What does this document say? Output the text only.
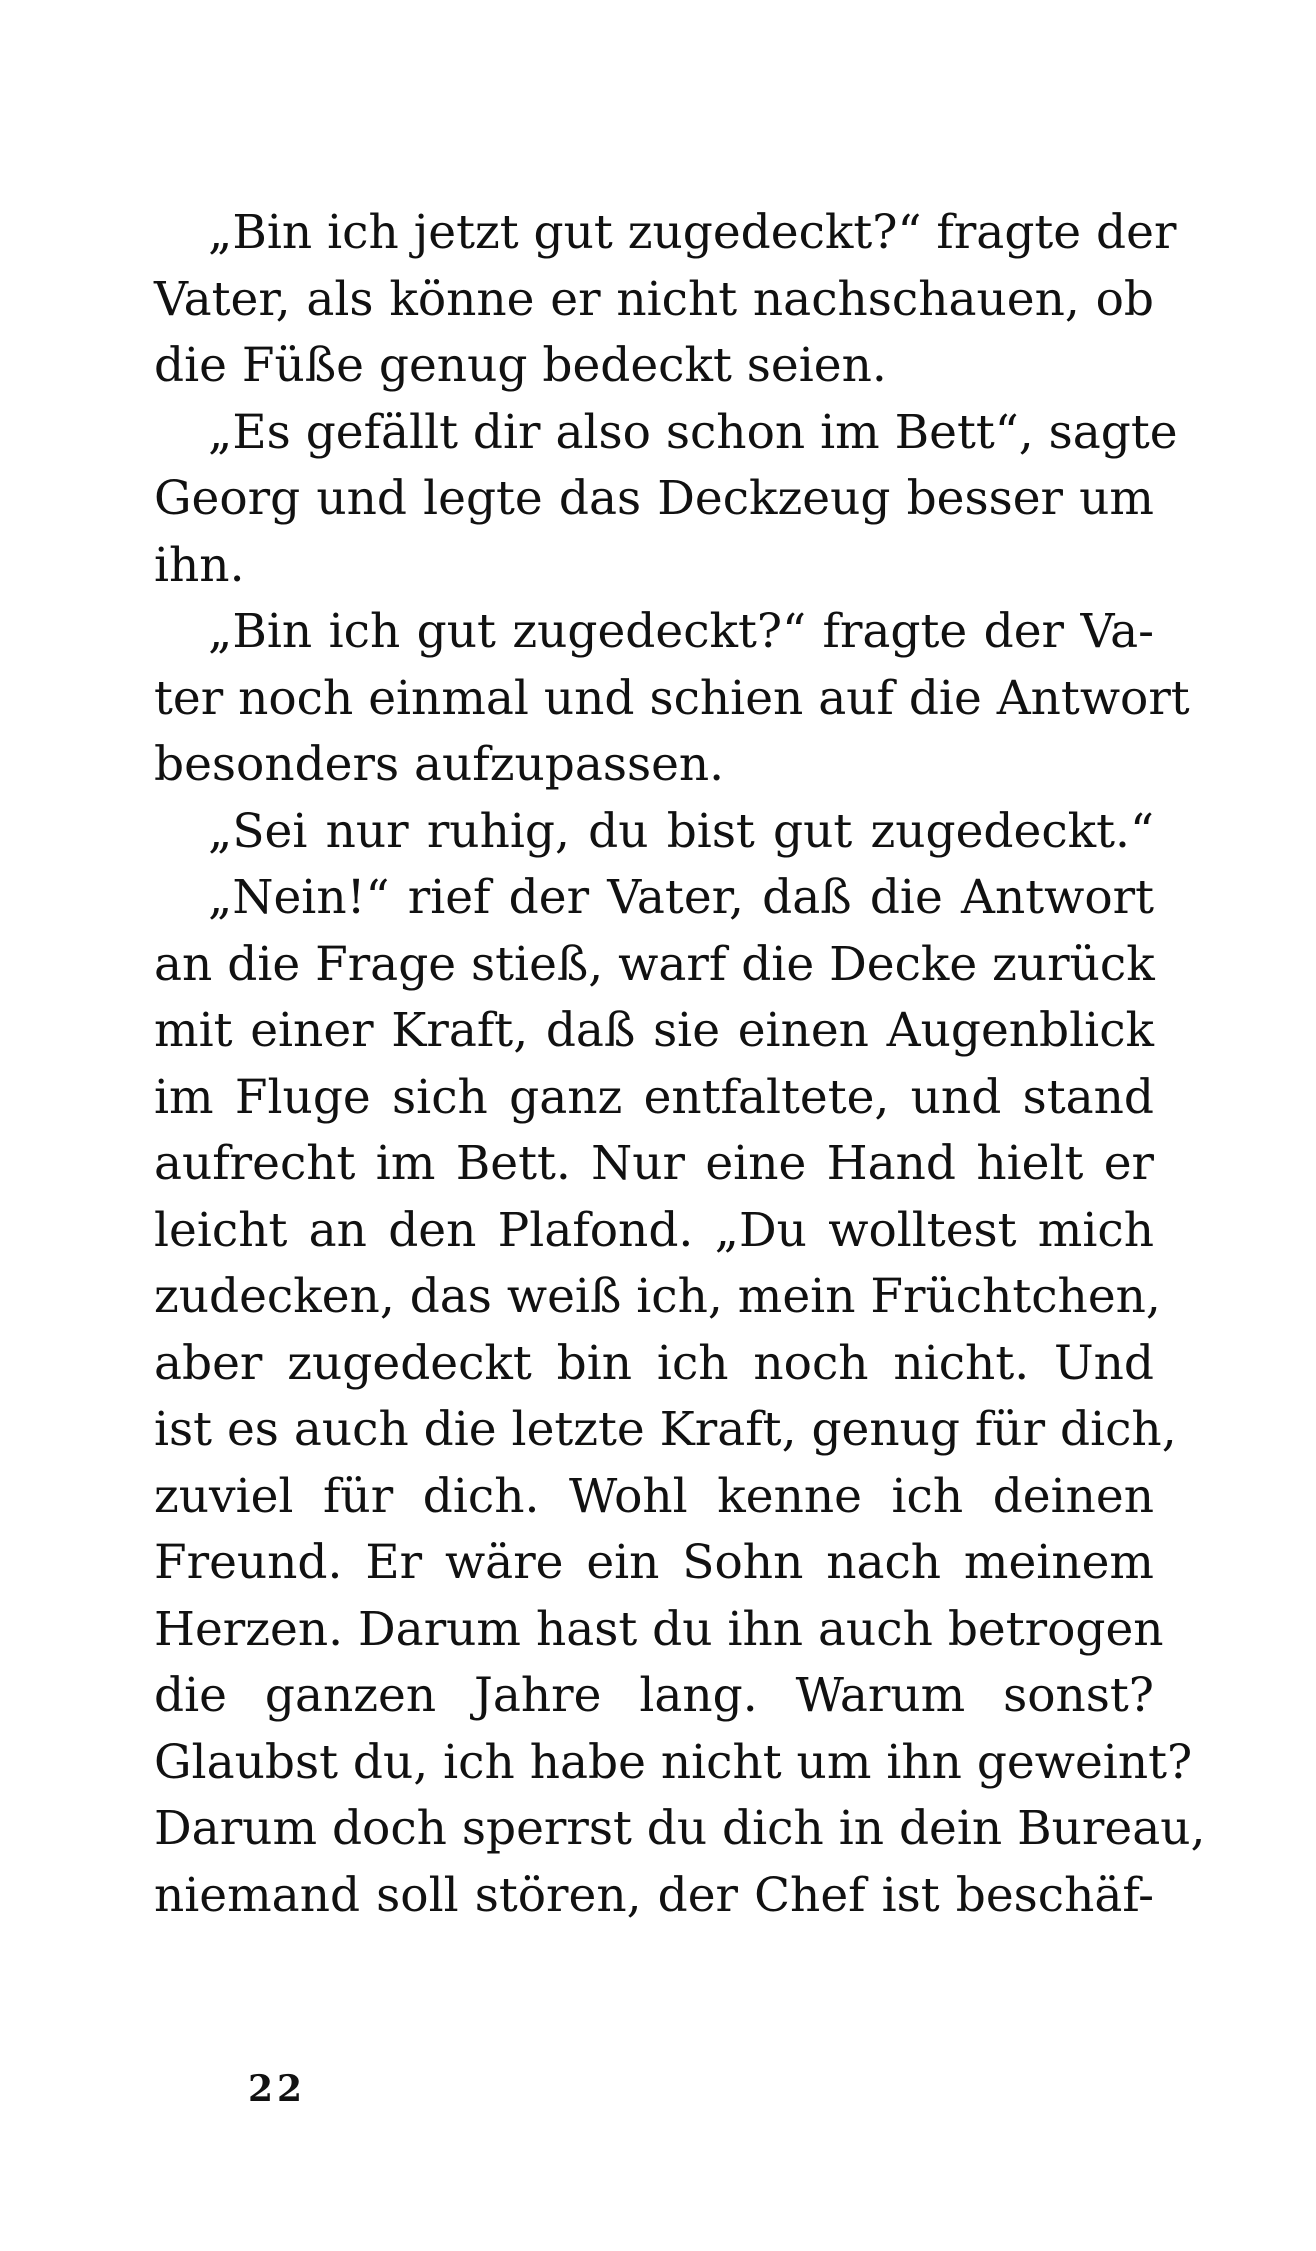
„Bin ich jetzt gut zugedeckt?“ fragte der
Vater, als könne er nicht nachschauen, ob
die Füße genug bedeckt seien.
„Es gefällt dir also schon im Bett“, sagte
Georg und legte das Deckzeug besser um
ihn.
„Bin ich gut zugedeckt?“ fragte der Va-
ter noch einmal und schien auf die Antwort
besonders aufzupassen.
„Sei nur ruhig, du bist gut zugedeckt.“
„Nein!“ rief der Vater, daß die Antwort
an die Frage stieß, warf die Decke zurück
mit einer Kraft, daß sie einen Augenblick
im Fluge sich ganz entfaltete, und stand
aufrecht im Bett. Nur eine Hand hielt er
leicht an den Plafond. „Du wolltest mich
zudecken, das weiß ich, mein Früchtchen,
aber zugedeckt bin ich noch nicht. Und
ist es auch die letzte Kraft, genug für dich,
zuviel für dich. Wohl kenne ich deinen
Freund. Er wäre ein Sohn nach meinem
Herzen. Darum hast du ihn auch betrogen
die ganzen Jahre lang. Warum sonst?
Glaubst du, ich habe nicht um ihn geweint?
Darum doch sperrst du dich in dein Bureau,
niemand soll stören, der Chef ist beschäf-
22
